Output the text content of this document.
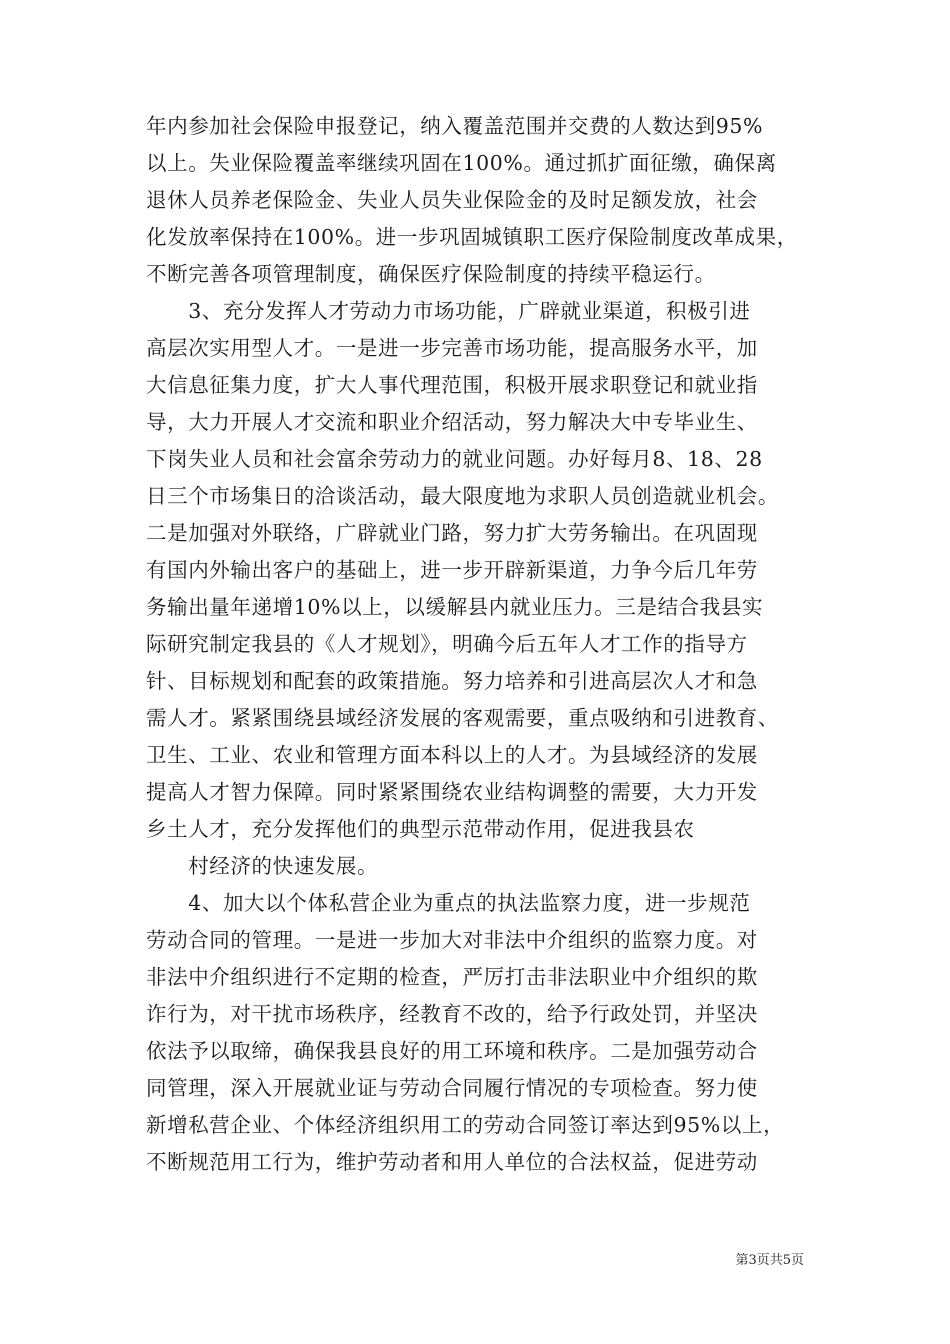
年内参加社会保险申报登记，纳入覆盖范围并交费的人数达到95%
以上。失业保险覆盖率继续巩固在100%。通过抓扩面征缴，确保离
退休人员养老保险金、失业人员失业保险金的及时足额发放，社会
化发放率保持在100%。进一步巩固城镇职工医疗保险制度改革成果，
不断完善各项管理制度，确保医疗保险制度的持续平稳运行。
　　3、充分发挥人才劳动力市场功能，广辟就业渠道，积极引进
高层次实用型人才。一是进一步完善市场功能，提高服务水平，加
大信息征集力度，扩大人事代理范围，积极开展求职登记和就业指
导，大力开展人才交流和职业介绍活动，努力解决大中专毕业生、
下岗失业人员和社会富余劳动力的就业问题。办好每月8、18、28
日三个市场集日的洽谈活动，最大限度地为求职人员创造就业机会。
二是加强对外联络，广辟就业门路，努力扩大劳务输出。在巩固现
有国内外输出客户的基础上，进一步开辟新渠道，力争今后几年劳
务输出量年递增10%以上，以缓解县内就业压力。三是结合我县实
际研究制定我县的《人才规划》，明确今后五年人才工作的指导方
针、目标规划和配套的政策措施。努力培养和引进高层次人才和急
需人才。紧紧围绕县域经济发展的客观需要，重点吸纳和引进教育、
卫生、工业、农业和管理方面本科以上的人才。为县域经济的发展
提高人才智力保障。同时紧紧围绕农业结构调整的需要，大力开发
乡土人才，充分发挥他们的典型示范带动作用，促进我县农
　　村经济的快速发展。
　　4、加大以个体私营企业为重点的执法监察力度，进一步规范
劳动合同的管理。一是进一步加大对非法中介组织的监察力度。对
非法中介组织进行不定期的检查，严厉打击非法职业中介组织的欺
诈行为，对干扰市场秩序，经教育不改的，给予行政处罚，并坚决
依法予以取缔，确保我县良好的用工环境和秩序。二是加强劳动合
同管理，深入开展就业证与劳动合同履行情况的专项检查。努力使
新增私营企业、个体经济组织用工的劳动合同签订率达到95%以上，
不断规范用工行为，维护劳动者和用人单位的合法权益，促进劳动
第3页共5页
